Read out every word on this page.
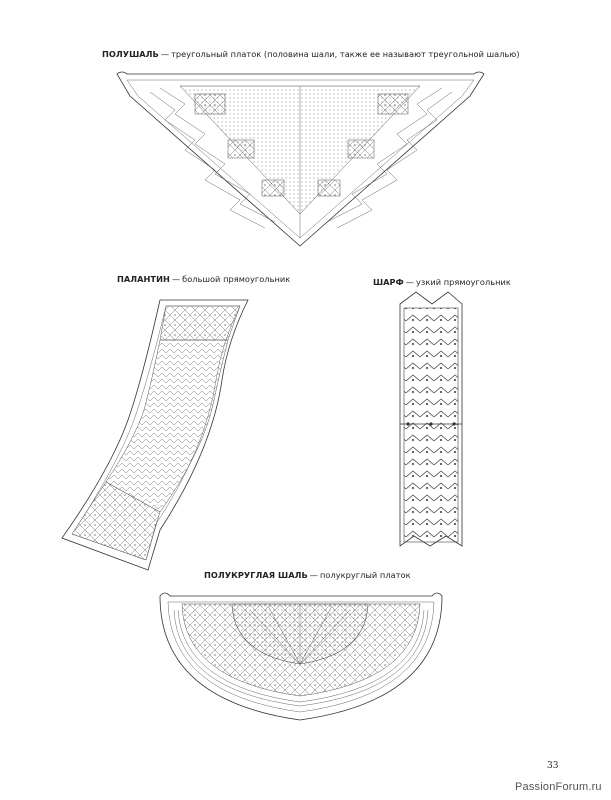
ПОЛУШАЛЬ — треугольный платок (половина шали, также ее называют треугольной шалью)
ПАЛАНТИН — большой прямоугольник	ШАРФ — узкий прямоугольник
ПОЛУКРУГЛАЯ ШАЛЬ — полукруглый платок
33
PassionForum.ru
